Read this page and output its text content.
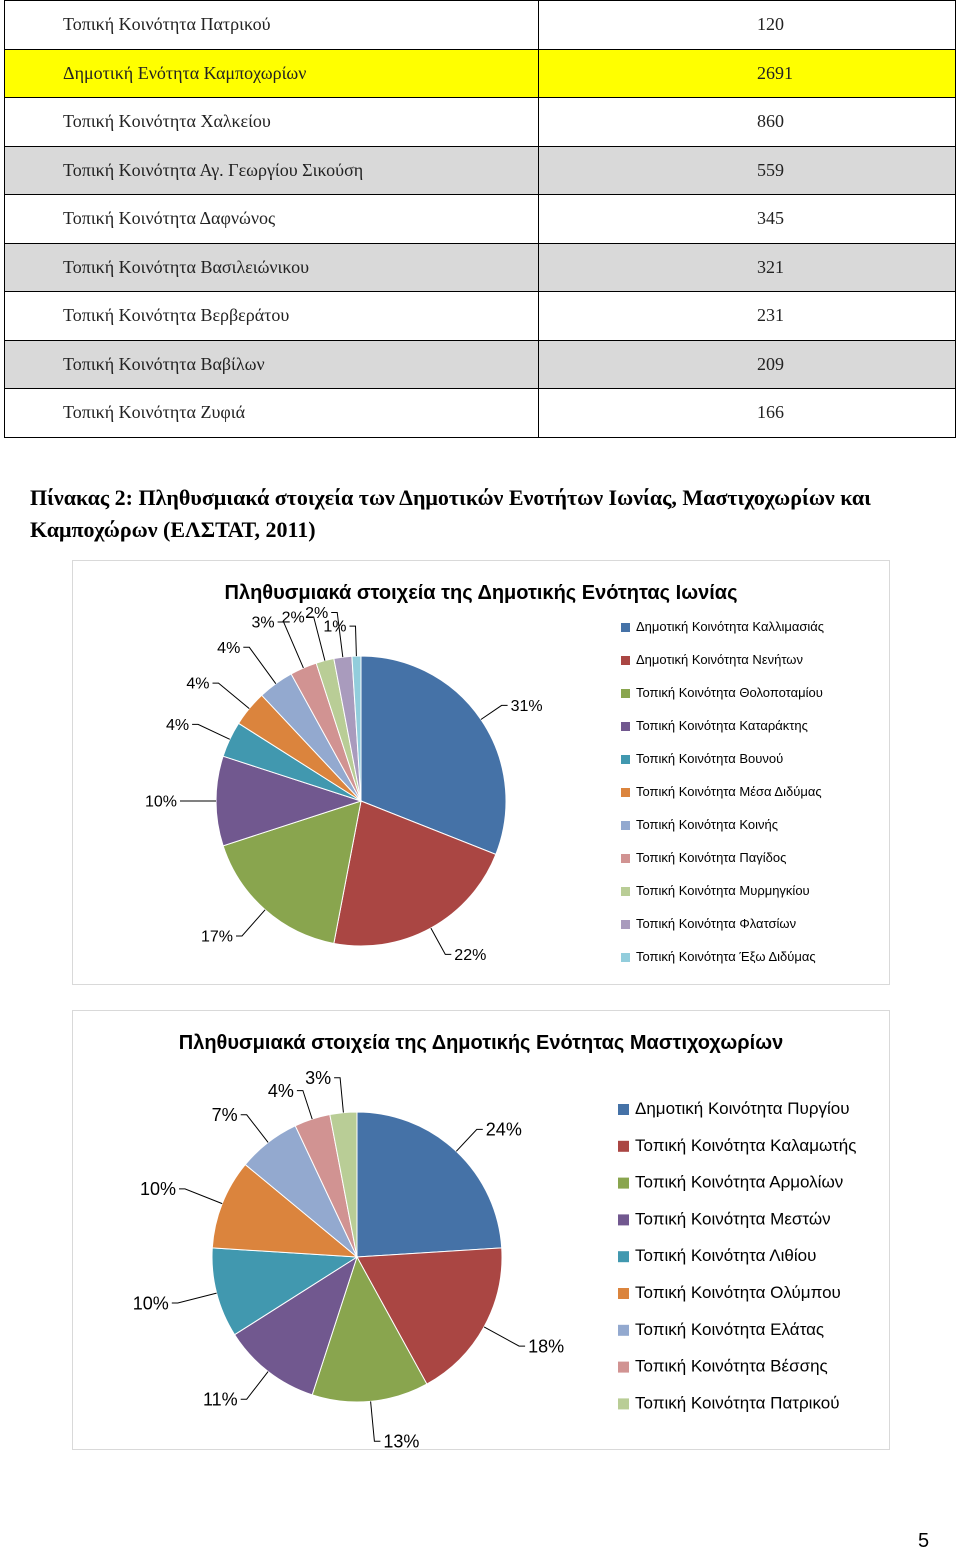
Τοπική Κοινότητα Πατρικού	120
Δημοτική Ενότητα Καμποχωρίων	2691
Τοπική Κοινότητα Χαλκείου	860
Τοπική Κοινότητα Αγ. Γεωργίου Σικούση	559
Τοπική Κοινότητα Δαφνώνος	345
Τοπική Κοινότητα Βασιλειώνικου	321
Τοπική Κοινότητα Βερβεράτου	231
Τοπική Κοινότητα Βαβίλων	209
Τοπική Κοινότητα Ζυφιά	166
Πίνακας 2: Πληθυσμιακά στοιχεία των Δημοτικών Ενοτήτων Ιωνίας, Μαστιχοχωρίων και Καμποχώρων (ΕΛΣΤΑΤ, 2011)
Πληθυσμιακά στοιχεία της Δημοτικής Ενότητας Ιωνίας
31%
22%
17%
10%
4%
4%
4%
3% 2% 2%
1%	Δημοτική Κοινότητα Καλλιμασιάς
Δημοτική Κοινότητα Νενήτων
Τοπική Κοινότητα Θολοποταμίου
Τοπική Κοινότητα Καταράκτης
Τοπική Κοινότητα Βουνού
Τοπική Κοινότητα Μέσα Διδύμας
Τοπική Κοινότητα Κοινής
Τοπική Κοινότητα Παγίδος
Τοπική Κοινότητα Μυρμηγκίου
Τοπική Κοινότητα Φλατσίων
Τοπική Κοινότητα Έξω Διδύμας
Πληθυσμιακά στοιχεία της Δημοτικής Ενότητας Μαστιχοχωρίων
24%
18%
13%
11%
10%
10%
7%
4%
3%
Δημοτική Κοινότητα Πυργίου
Τοπική Κοινότητα Καλαμωτής
Τοπική Κοινότητα Αρμολίων
Τοπική Κοινότητα Μεστών
Τοπική Κοινότητα Λιθίου
Τοπική Κοινότητα Ολύμπου
Τοπική Κοινότητα Ελάτας
Τοπική Κοινότητα Βέσσης
Τοπική Κοινότητα Πατρικού
5
